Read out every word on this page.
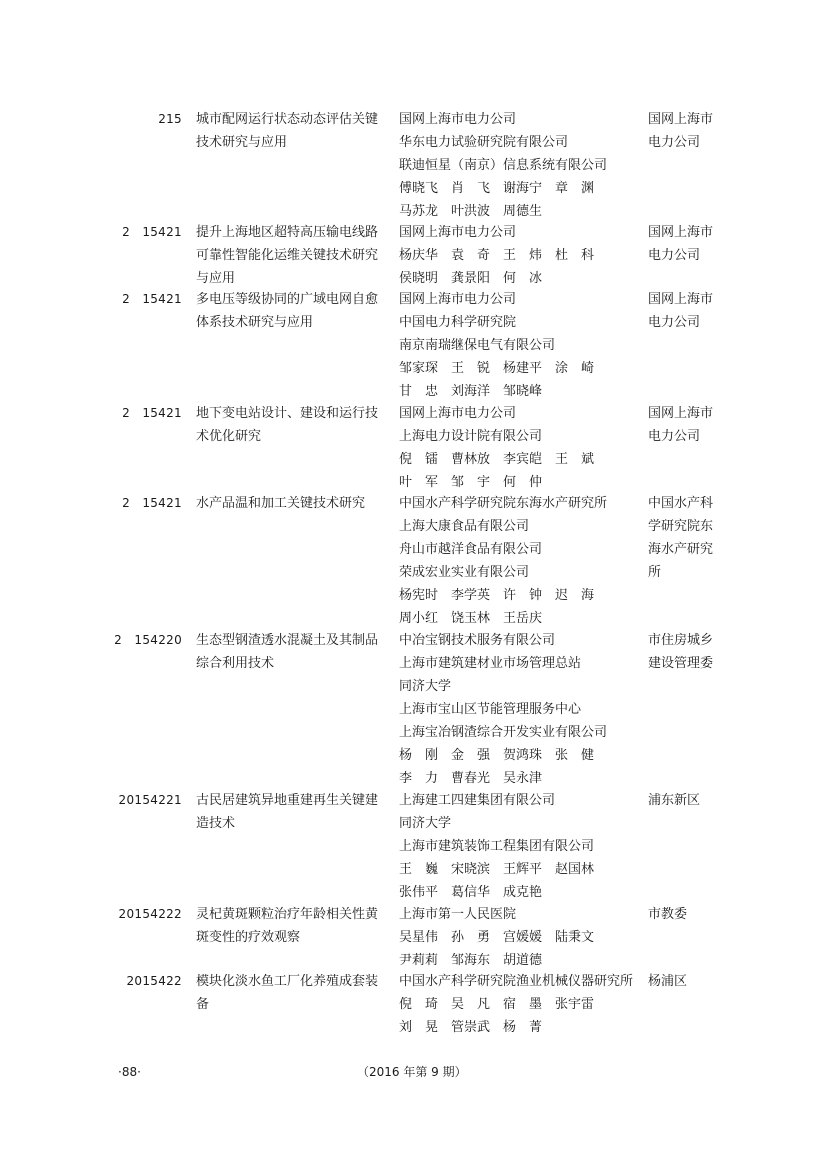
215 城市配网运行状态动态评估关键技术研究与应用
国网上海市电力公司
华东电力试验研究院有限公司
联迪恒星（南京）信息系统有限公司
傅晓飞　肖　飞　谢海宁　章　渊
马苏龙　叶洪波　周德生
国网上海市电力公司
2　15421 提升上海地区超特高压输电线路可靠性智能化运维关键技术研究与应用
国网上海市电力公司
杨庆华　袁　奇　王　炜　杜　科
侯晓明　龚景阳　何　冰
国网上海市电力公司
2　15421 多电压等级协同的广域电网自愈体系技术研究与应用
国网上海市电力公司
中国电力科学研究院
南京南瑞继保电气有限公司
邹家琛　王　锐　杨建平　涂　崎
甘　忠　刘海洋　邹晓峰
国网上海市电力公司
2　15421 地下变电站设计、建设和运行技术优化研究
国网上海市电力公司
上海电力设计院有限公司
倪　镭　曹林放　李宾皑　王　斌
叶　军　邹　宇　何　仲
国网上海市电力公司
2　15421 水产品温和加工关键技术研究	中国水产科学研究院东海水产研究所
上海大康食品有限公司
舟山市越洋食品有限公司
荣成宏业实业有限公司
杨宪时　李学英　许　钟　迟　海
周小红　饶玉林　王岳庆
中国水产科学研究院东海水产研究所
2　154220 生态型钢渣透水混凝土及其制品综合利用技术
中冶宝钢技术服务有限公司
上海市建筑建材业市场管理总站
同济大学
上海市宝山区节能管理服务中心
上海宝冶钢渣综合开发实业有限公司
杨　刚　金　强　贺鸿珠　张　健
李　力　曹春光　吴永津
市住房城乡建设管理委
20154221 古民居建筑异地重建再生关键建造技术
上海建工四建集团有限公司
同济大学
上海市建筑装饰工程集团有限公司
王　巍　宋晓滨　王辉平　赵国林
张伟平　葛信华　成克艳
浦东新区
20154222 灵杞黄斑颗粒治疗年龄相关性黄斑变性的疗效观察
上海市第一人民医院
吴星伟　孙　勇　宫媛媛　陆秉文
尹莉莉　邹海东　胡道德
市教委
2015422 模块化淡水鱼工厂化养殖成套装备
中国水产科学研究院渔业机械仪器研究所
倪　琦　吴　凡　宿　墨　张宇雷
刘　晃　管崇武　杨　菁
杨浦区
·88·	（2016 年第 9 期）
